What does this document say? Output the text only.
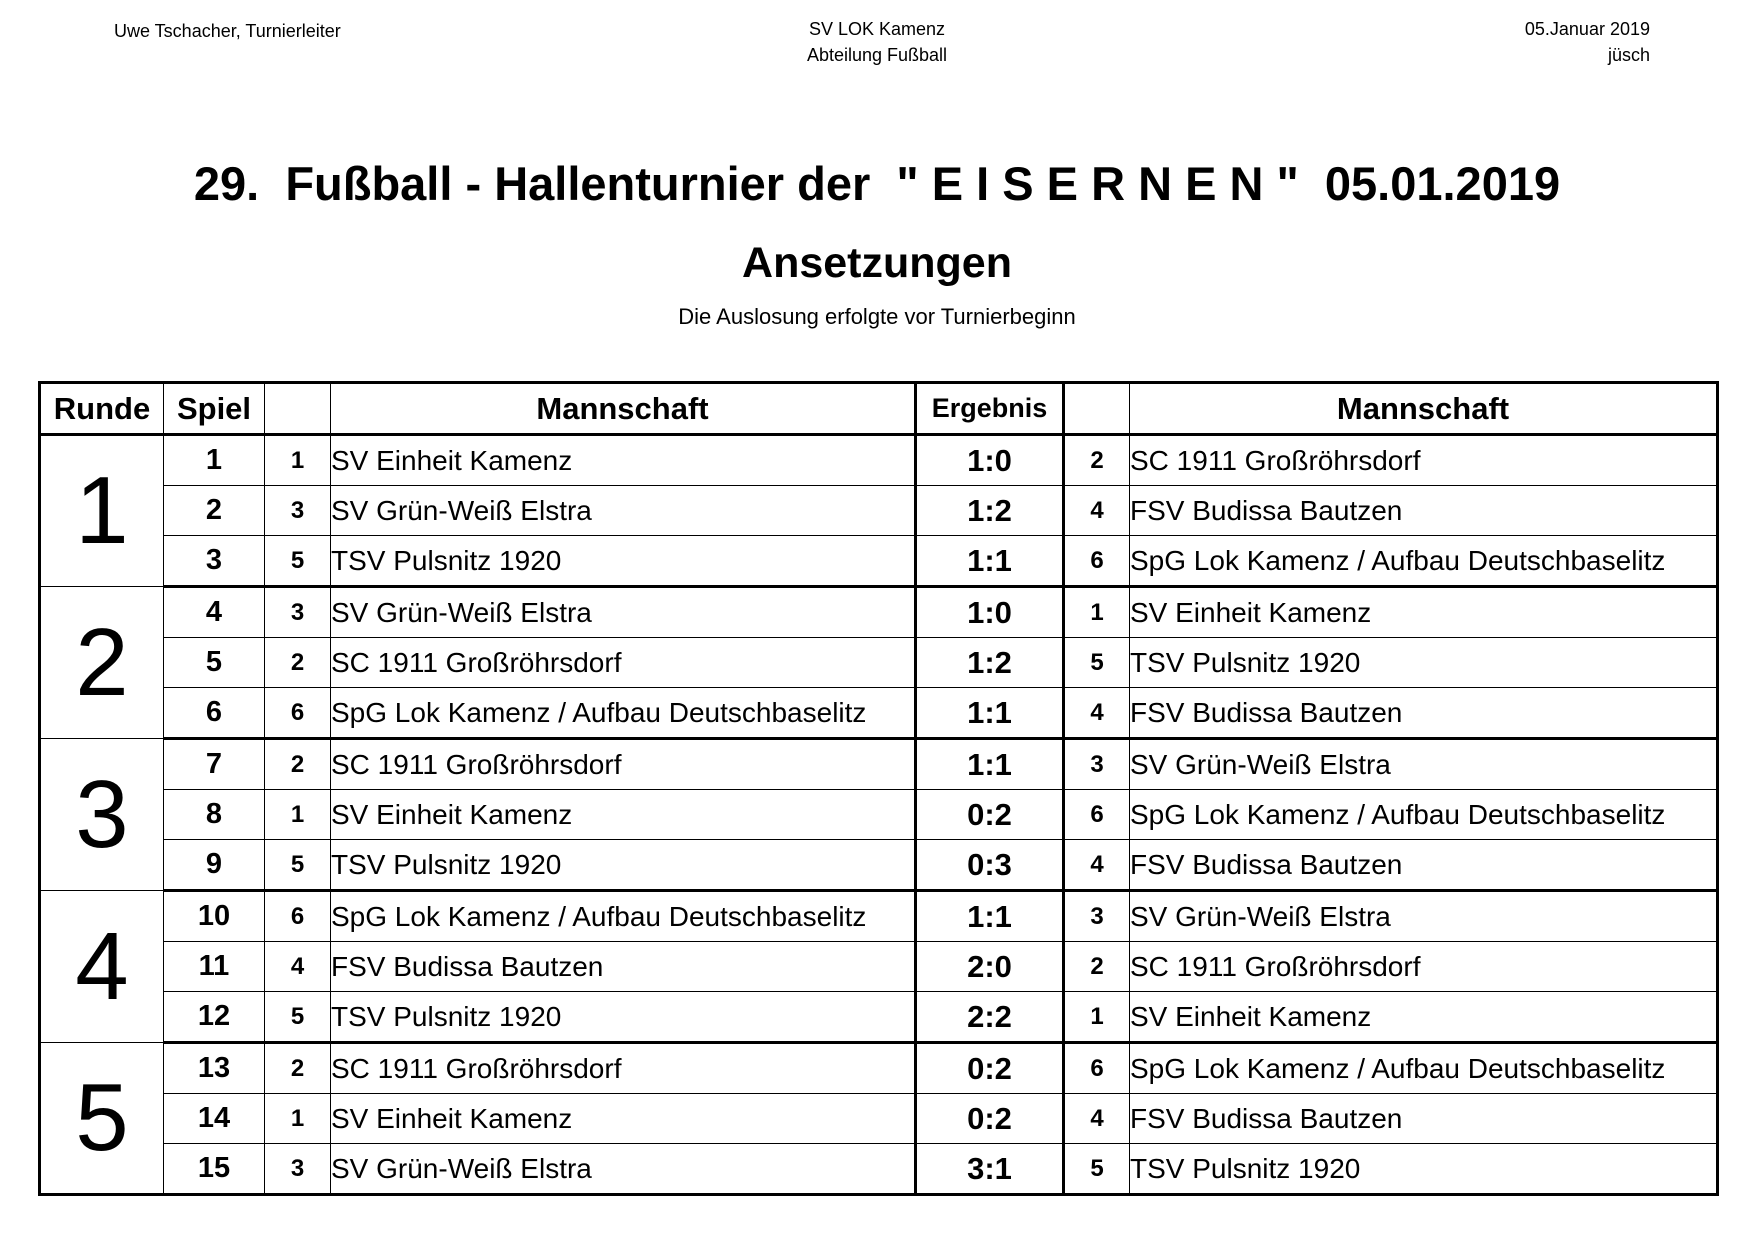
Uwe Tschacher, Turnierleiter	SV LOK Kamenz
Abteilung Fußball
05.Januar 2019
jüsch
29.  Fußball - Hallenturnier der  " E I S E R N E N "  05.01.2019
Ansetzungen
Die Auslosung erfolgte vor Turnierbeginn
Runde	Spiel		Mannschaft	Ergebnis		Mannschaft
1	1	1	SV Einheit Kamenz	1:0	2	SC 1911 Großröhrsdorf
	2	3	SV Grün-Weiß Elstra	1:2	4	FSV Budissa Bautzen
	3	5	TSV Pulsnitz 1920	1:1	6	SpG Lok Kamenz / Aufbau Deutschbaselitz
2	4	3	SV Grün-Weiß Elstra	1:0	1	SV Einheit Kamenz
	5	2	SC 1911 Großröhrsdorf	1:2	5	TSV Pulsnitz 1920
	6	6	SpG Lok Kamenz / Aufbau Deutschbaselitz	1:1	4	FSV Budissa Bautzen
3	7	2	SC 1911 Großröhrsdorf	1:1	3	SV Grün-Weiß Elstra
	8	1	SV Einheit Kamenz	0:2	6	SpG Lok Kamenz / Aufbau Deutschbaselitz
	9	5	TSV Pulsnitz 1920	0:3	4	FSV Budissa Bautzen
4	10	6	SpG Lok Kamenz / Aufbau Deutschbaselitz	1:1	3	SV Grün-Weiß Elstra
	11	4	FSV Budissa Bautzen	2:0	2	SC 1911 Großröhrsdorf
	12	5	TSV Pulsnitz 1920	2:2	1	SV Einheit Kamenz
5	13	2	SC 1911 Großröhrsdorf	0:2	6	SpG Lok Kamenz / Aufbau Deutschbaselitz
	14	1	SV Einheit Kamenz	0:2	4	FSV Budissa Bautzen
	15	3	SV Grün-Weiß Elstra	3:1	5	TSV Pulsnitz 1920
